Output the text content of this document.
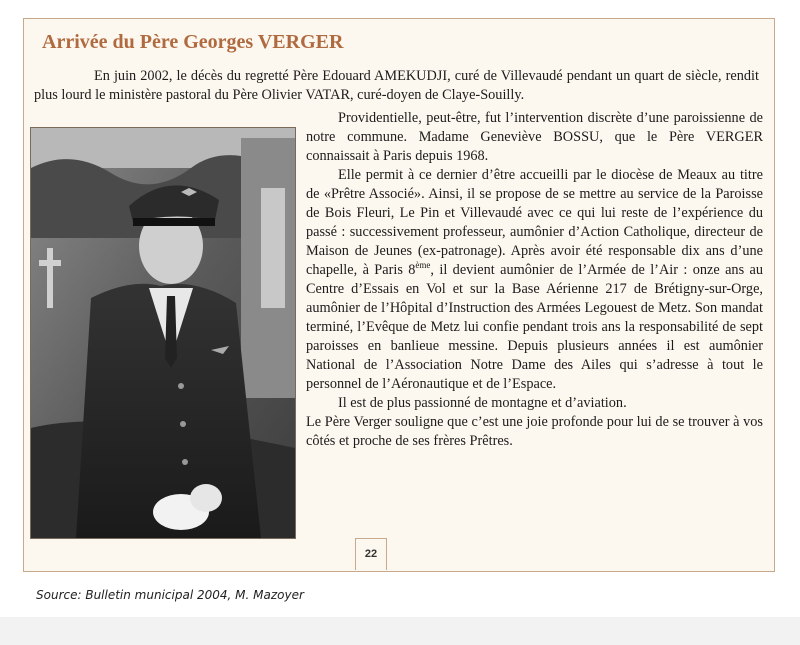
Arrivée du Père Georges VERGER

En juin 2002, le décès du regretté Père Edouard AMEKUDJI, curé de Villevaudé pendant un quart de siècle, rendit plus lourd le ministère pastoral du Père Olivier VATAR, curé-doyen de Claye-Souilly.

Providentielle, peut-être, fut l’intervention discrète d’une paroissienne de notre commune. Madame Geneviève BOSSU, que le Père VERGER connaissait à Paris depuis 1968.

Elle permit à ce dernier d’être accueilli par le diocèse de Meaux au titre de «Prêtre Associé». Ainsi, il se propose de se mettre au service de la Paroisse de Bois Fleuri, Le Pin et Villevaudé avec ce qui lui reste de l’expérience du passé : successivement professeur, aumônier d’Action Catholique, directeur de Maison de Jeunes (ex-patronage). Après avoir été responsable dix ans d’une chapelle, à Paris 8ème, il devient aumônier de l’Armée de l’Air : onze ans au Centre d’Essais en Vol et sur la Base Aérienne 217 de Brétigny-sur-Orge, aumônier de l’Hôpital d’Instruction des Armées Legouest de Metz. Son mandat terminé, l’Evêque de Metz lui confie pendant trois ans la responsabilité de sept paroisses en banlieue messine. Depuis plusieurs années il est aumônier National de l’Association Notre Dame des Ailes qui s’adresse à tout le personnel de l’Aéronautique et de l’Espace.

Il est de plus passionné de montagne et d’aviation.

Le Père Verger souligne que c’est une joie profonde pour lui de se trouver à vos côtés et proche de ses frères Prêtres.

22

Source: Bulletin municipal 2004, M. Mazoyer
